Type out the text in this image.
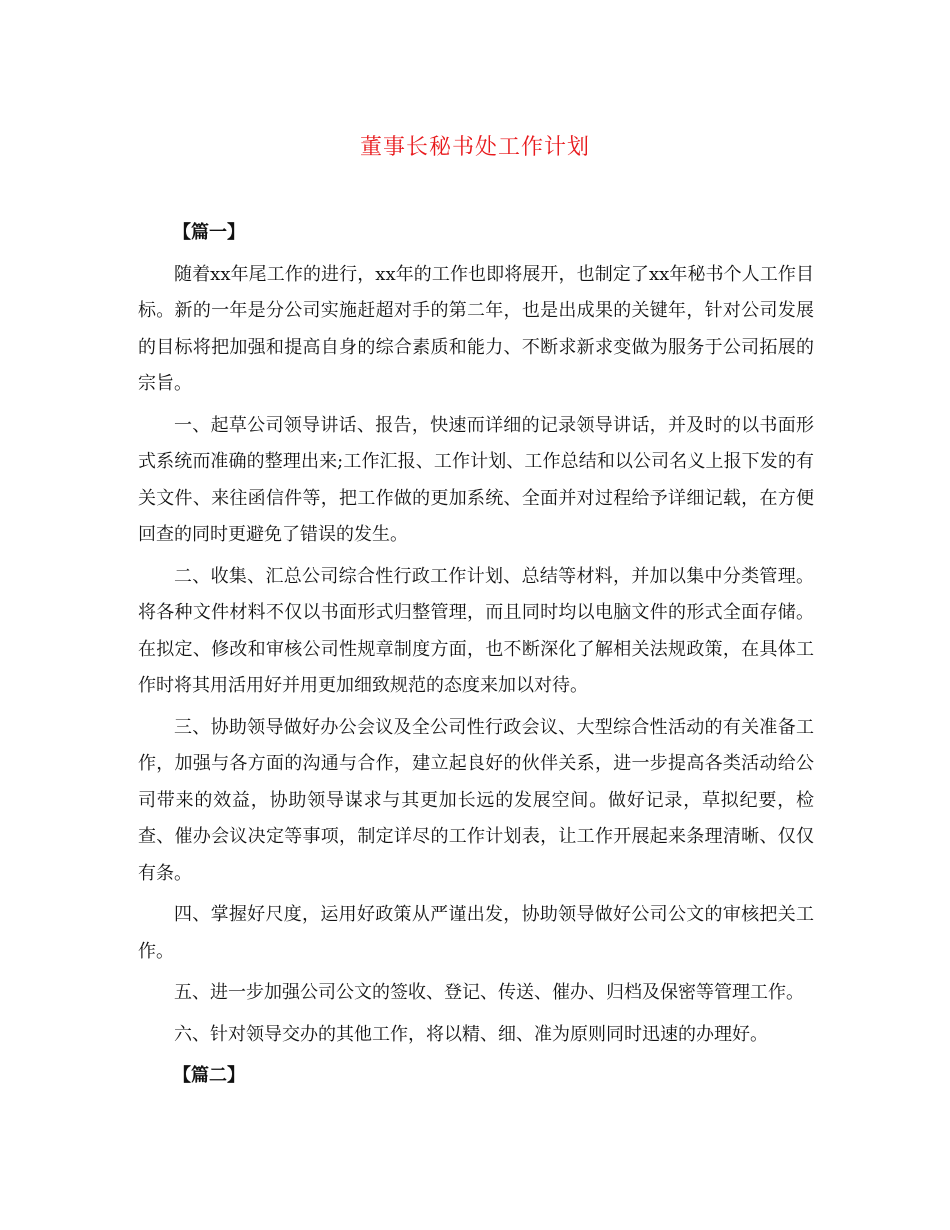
董事长秘书处工作计划
【篇一】

随着xx年尾工作的进行，xx年的工作也即将展开，也制定了xx年秘书个人工作目标。新的一年是分公司实施赶超对手的第二年，也是出成果的关键年，针对公司发展的目标将把加强和提高自身的综合素质和能力、不断求新求变做为服务于公司拓展的宗旨。

一、起草公司领导讲话、报告，快速而详细的记录领导讲话，并及时的以书面形式系统而准确的整理出来;工作汇报、工作计划、工作总结和以公司名义上报下发的有关文件、来往函信件等，把工作做的更加系统、全面并对过程给予详细记载，在方便回查的同时更避免了错误的发生。

二、收集、汇总公司综合性行政工作计划、总结等材料，并加以集中分类管理。将各种文件材料不仅以书面形式归整管理，而且同时均以电脑文件的形式全面存储。在拟定、修改和审核公司性规章制度方面，也不断深化了解相关法规政策，在具体工作时将其用活用好并用更加细致规范的态度来加以对待。

三、协助领导做好办公会议及全公司性行政会议、大型综合性活动的有关准备工作，加强与各方面的沟通与合作，建立起良好的伙伴关系，进一步提高各类活动给公司带来的效益，协助领导谋求与其更加长远的发展空间。做好记录，草拟纪要，检查、催办会议决定等事项，制定详尽的工作计划表，让工作开展起来条理清晰、仅仅有条。

四、掌握好尺度，运用好政策从严谨出发，协助领导做好公司公文的审核把关工作。

五、进一步加强公司公文的签收、登记、传送、催办、归档及保密等管理工作。

六、针对领导交办的其他工作，将以精、细、准为原则同时迅速的办理好。

【篇二】
